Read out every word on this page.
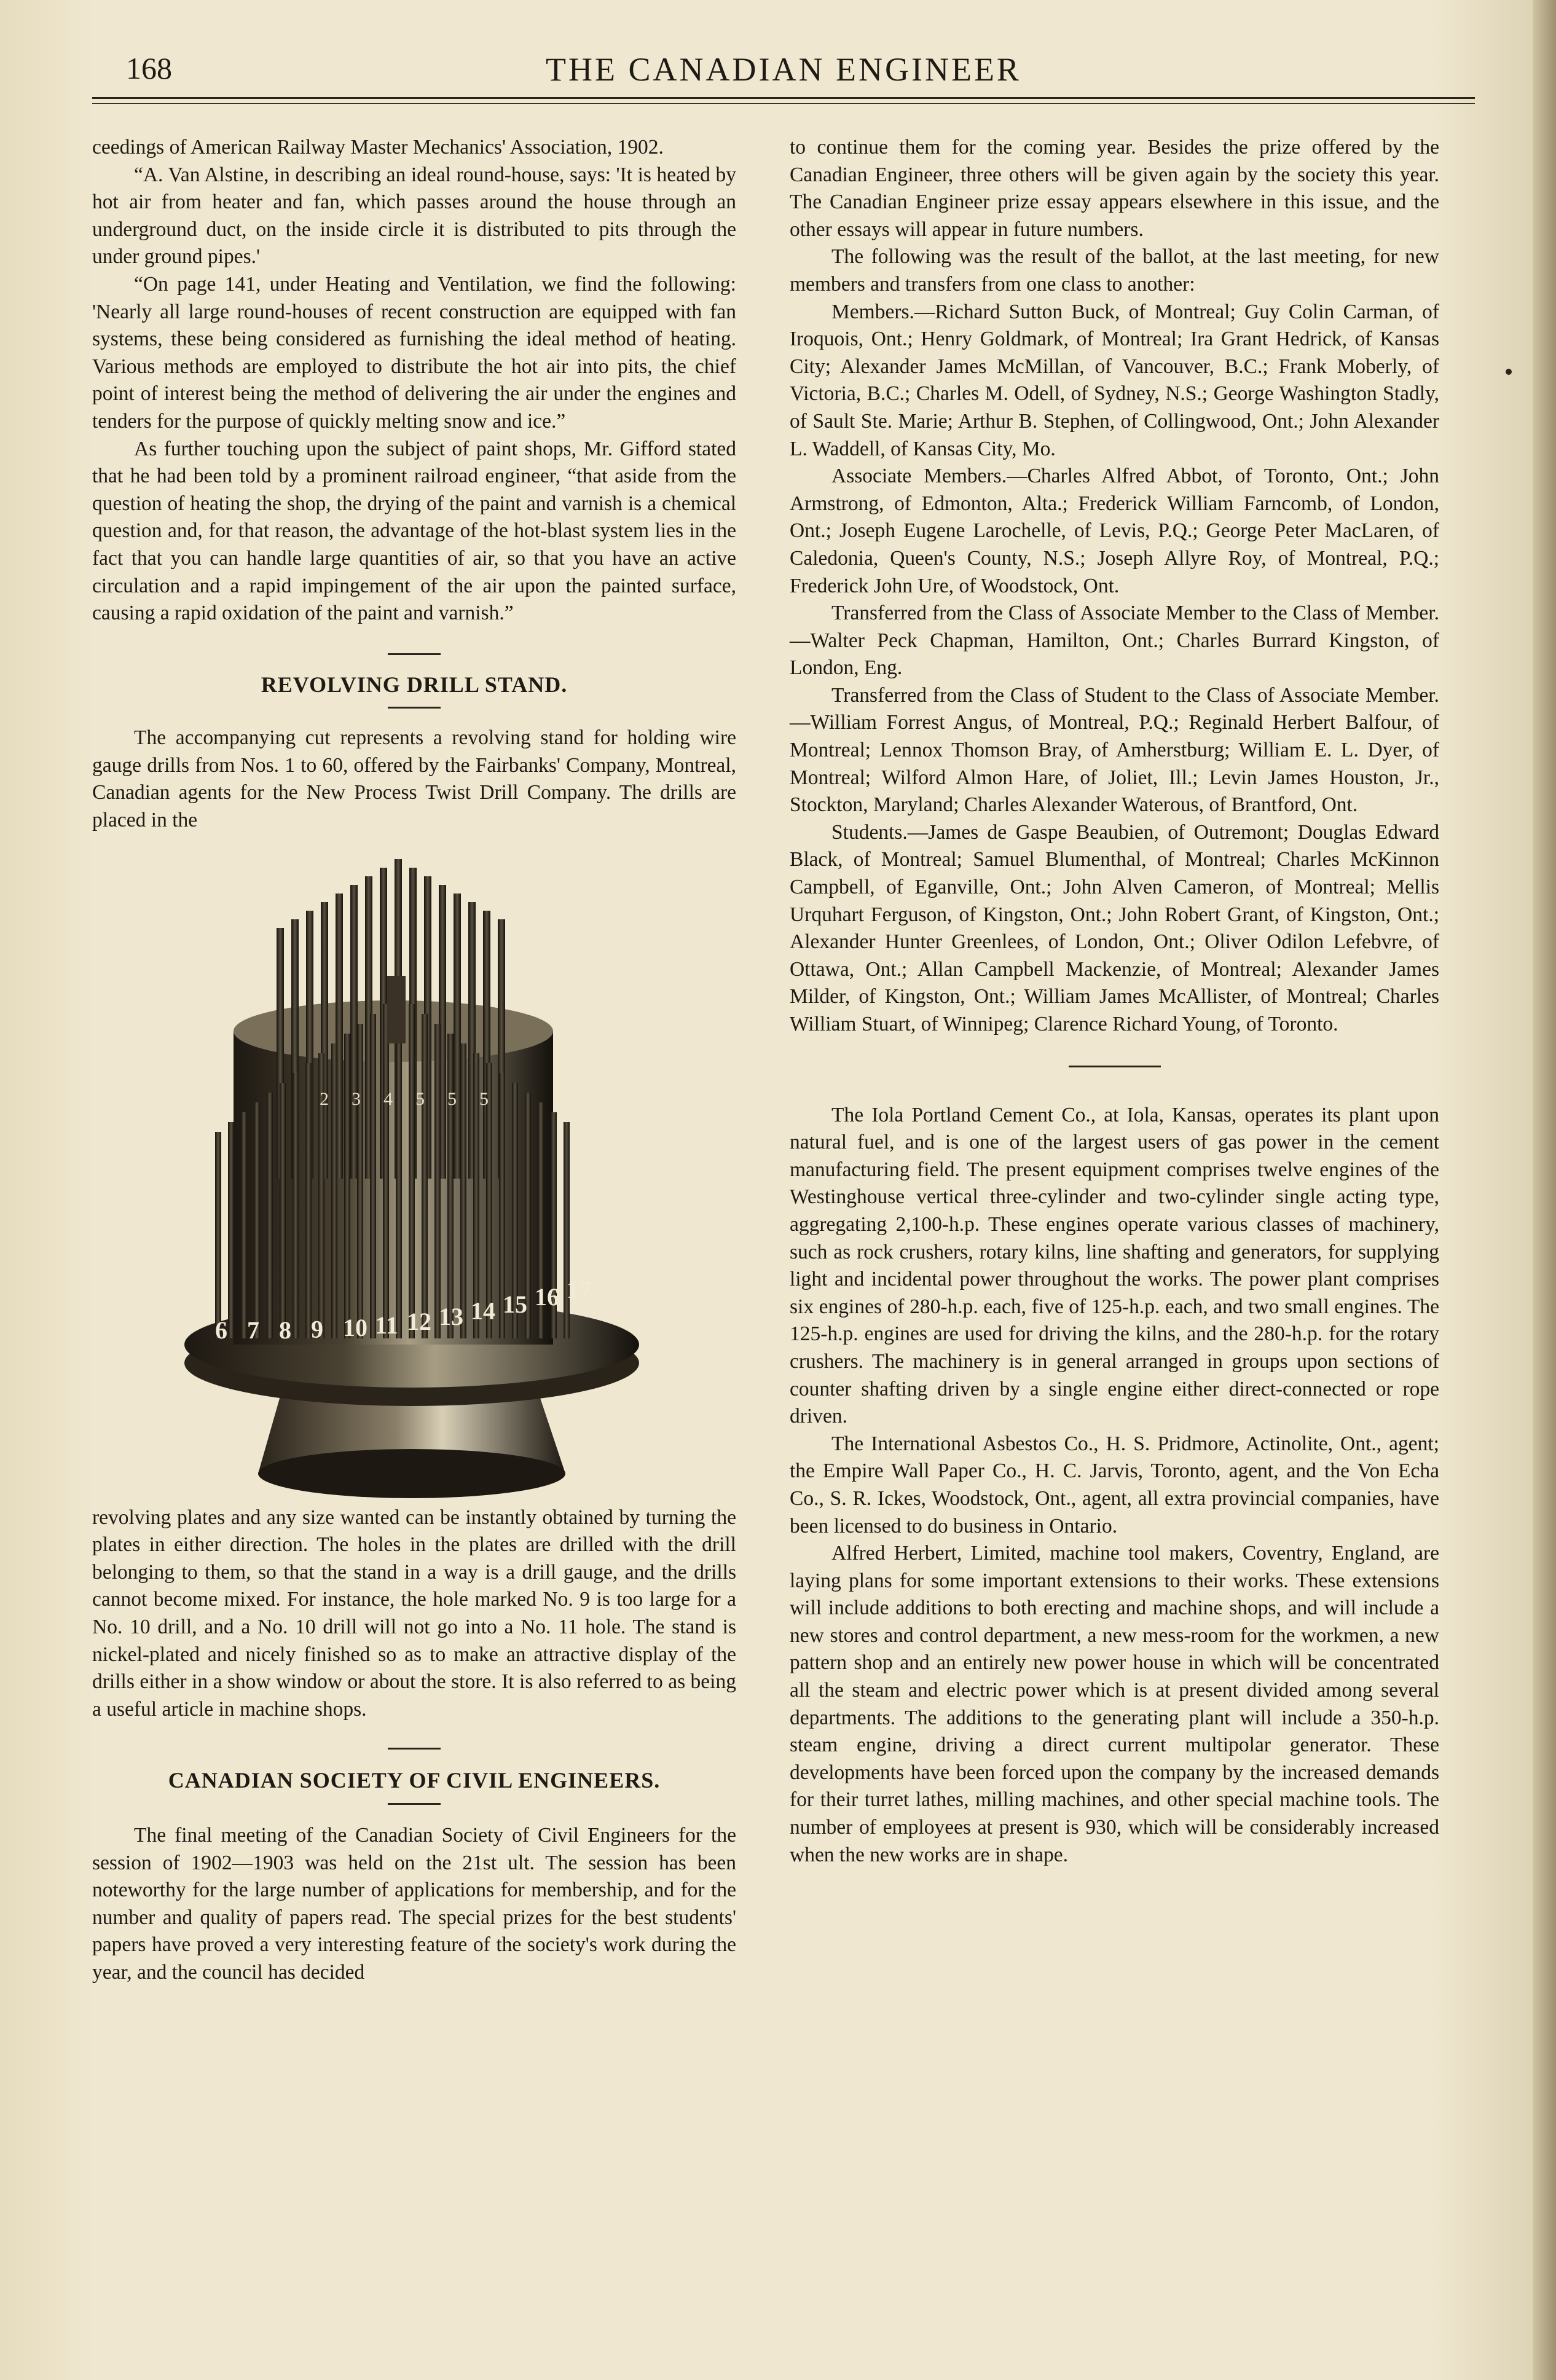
168	THE CANADIAN ENGINEER

ceedings of American Railway Master Mechanics' Association, 1902.

“A. Van Alstine, in describing an ideal round-house, says: 'It is heated by hot air from heater and fan, which passes around the house through an underground duct, on the inside circle it is distributed to pits through the under ground pipes.'

“On page 141, under Heating and Ventilation, we find the following: 'Nearly all large round-houses of recent construction are equipped with fan systems, these being considered as furnishing the ideal method of heating. Various methods are employed to distribute the hot air into pits, the chief point of interest being the method of delivering the air under the engines and tenders for the purpose of quickly melting snow and ice.”

As further touching upon the subject of paint shops, Mr. Gifford stated that he had been told by a prominent railroad engineer, “that aside from the question of heating the shop, the drying of the paint and varnish is a chemical question and, for that reason, the advantage of the hot-blast system lies in the fact that you can handle large quantities of air, so that you have an active circulation and a rapid impingement of the air upon the painted surface, causing a rapid oxidation of the paint and varnish.”

REVOLVING DRILL STAND.

The accompanying cut represents a revolving stand for holding wire gauge drills from Nos. 1 to 60, offered by the Fairbanks' Company, Montreal, Canadian agents for the New Process Twist Drill Company. The drills are placed in the

2 3 4 5 5 5
6 7 8 9 10 11 12 13 14 15 16 17

revolving plates and any size wanted can be instantly obtained by turning the plates in either direction. The holes in the plates are drilled with the drill belonging to them, so that the stand in a way is a drill gauge, and the drills cannot become mixed. For instance, the hole marked No. 9 is too large for a No. 10 drill, and a No. 10 drill will not go into a No. 11 hole. The stand is nickel-plated and nicely finished so as to make an attractive display of the drills either in a show window or about the store. It is also referred to as being a useful article in machine shops.

CANADIAN SOCIETY OF CIVIL ENGINEERS.

The final meeting of the Canadian Society of Civil Engineers for the session of 1902—1903 was held on the 21st ult. The session has been noteworthy for the large number of applications for membership, and for the number and quality of papers read. The special prizes for the best students' papers have proved a very interesting feature of the society's work during the year, and the council has decided

to continue them for the coming year. Besides the prize offered by the Canadian Engineer, three others will be given again by the society this year. The Canadian Engineer prize essay appears elsewhere in this issue, and the other essays will appear in future numbers.

The following was the result of the ballot, at the last meeting, for new members and transfers from one class to another:

Members.—Richard Sutton Buck, of Montreal; Guy Colin Carman, of Iroquois, Ont.; Henry Goldmark, of Montreal; Ira Grant Hedrick, of Kansas City; Alexander James McMillan, of Vancouver, B.C.; Frank Moberly, of Victoria, B.C.; Charles M. Odell, of Sydney, N.S.; George Washington Stadly, of Sault Ste. Marie; Arthur B. Stephen, of Collingwood, Ont.; John Alexander L. Waddell, of Kansas City, Mo.

Associate Members.—Charles Alfred Abbot, of Toronto, Ont.; John Armstrong, of Edmonton, Alta.; Frederick William Farncomb, of London, Ont.; Joseph Eugene Larochelle, of Levis, P.Q.; George Peter MacLaren, of Caledonia, Queen's County, N.S.; Joseph Allyre Roy, of Montreal, P.Q.; Frederick John Ure, of Woodstock, Ont.

Transferred from the Class of Associate Member to the Class of Member.—Walter Peck Chapman, Hamilton, Ont.; Charles Burrard Kingston, of London, Eng.

Transferred from the Class of Student to the Class of Associate Member.—William Forrest Angus, of Montreal, P.Q.; Reginald Herbert Balfour, of Montreal; Lennox Thomson Bray, of Amherstburg; William E. L. Dyer, of Montreal; Wilford Almon Hare, of Joliet, Ill.; Levin James Houston, Jr., Stockton, Maryland; Charles Alexander Waterous, of Brantford, Ont.

Students.—James de Gaspe Beaubien, of Outremont; Douglas Edward Black, of Montreal; Samuel Blumenthal, of Montreal; Charles McKinnon Campbell, of Eganville, Ont.; John Alven Cameron, of Montreal; Mellis Urquhart Ferguson, of Kingston, Ont.; John Robert Grant, of Kingston, Ont.; Alexander Hunter Greenlees, of London, Ont.; Oliver Odilon Lefebvre, of Ottawa, Ont.; Allan Campbell Mackenzie, of Montreal; Alexander James Milder, of Kingston, Ont.; William James McAllister, of Montreal; Charles William Stuart, of Winnipeg; Clarence Richard Young, of Toronto.

The Iola Portland Cement Co., at Iola, Kansas, operates its plant upon natural fuel, and is one of the largest users of gas power in the cement manufacturing field. The present equipment comprises twelve engines of the Westinghouse vertical three-cylinder and two-cylinder single acting type, aggregating 2,100-h.p. These engines operate various classes of machinery, such as rock crushers, rotary kilns, line shafting and generators, for supplying light and incidental power throughout the works. The power plant comprises six engines of 280-h.p. each, five of 125-h.p. each, and two small engines. The 125-h.p. engines are used for driving the kilns, and the 280-h.p. for the rotary crushers. The machinery is in general arranged in groups upon sections of counter shafting driven by a single engine either direct-connected or rope driven.

The International Asbestos Co., H. S. Pridmore, Actinolite, Ont., agent; the Empire Wall Paper Co., H. C. Jarvis, Toronto, agent, and the Von Echa Co., S. R. Ickes, Woodstock, Ont., agent, all extra provincial companies, have been licensed to do business in Ontario.

Alfred Herbert, Limited, machine tool makers, Coventry, England, are laying plans for some important extensions to their works. These extensions will include additions to both erecting and machine shops, and will include a new stores and control department, a new mess-room for the workmen, a new pattern shop and an entirely new power house in which will be concentrated all the steam and electric power which is at present divided among several departments. The additions to the generating plant will include a 350-h.p. steam engine, driving a direct current multipolar generator. These developments have been forced upon the company by the increased demands for their turret lathes, milling machines, and other special machine tools. The number of employees at present is 930, which will be considerably increased when the new works are in shape.
